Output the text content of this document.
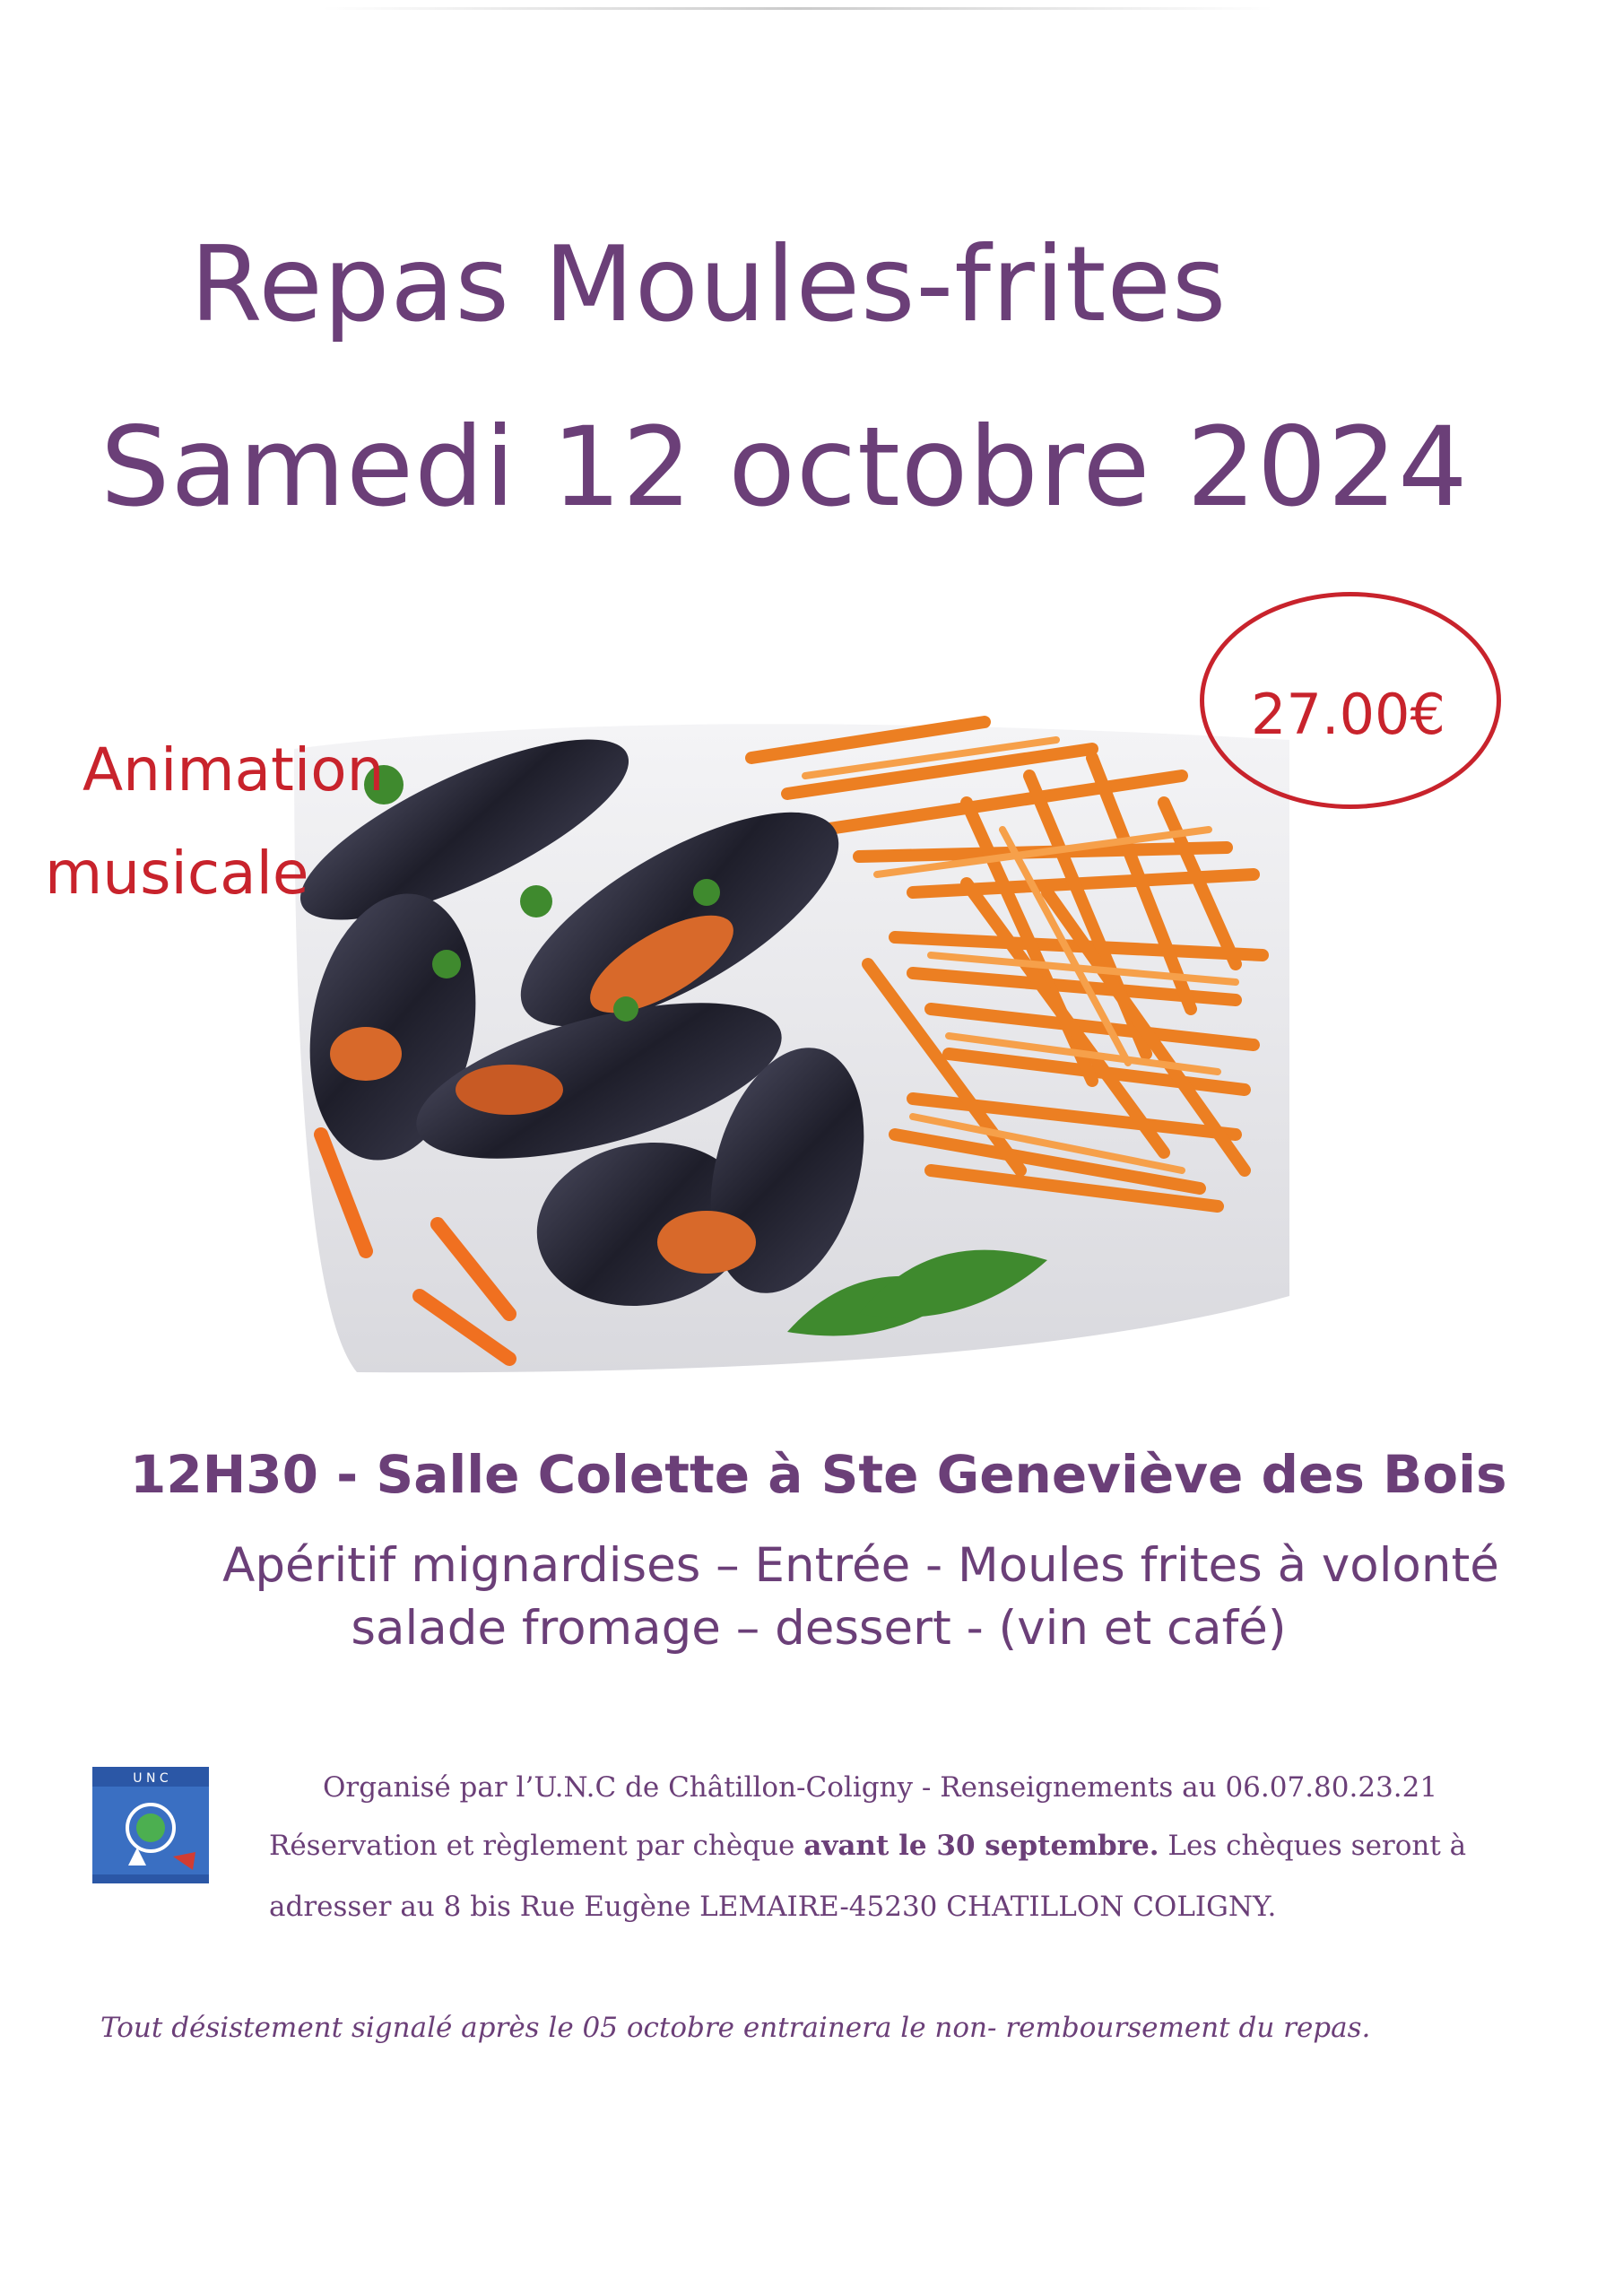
Repas Moules-frites
Samedi 12 octobre 2024
Animation
musicale
27.00€
12H30 - Salle Colette à Ste Geneviève des Bois
Apéritif mignardises – Entrée - Moules frites à volonté
salade fromage – dessert - (vin et café)
U N C	Organisé par l’U.N.C de Châtillon-Coligny - Renseignements au 06.07.80.23.21
Réservation et règlement par chèque avant le 30 septembre. Les chèques seront à
adresser au 8 bis Rue Eugène LEMAIRE-45230 CHATILLON COLIGNY.
Tout désistement signalé après le 05 octobre entrainera le non- remboursement du repas.
